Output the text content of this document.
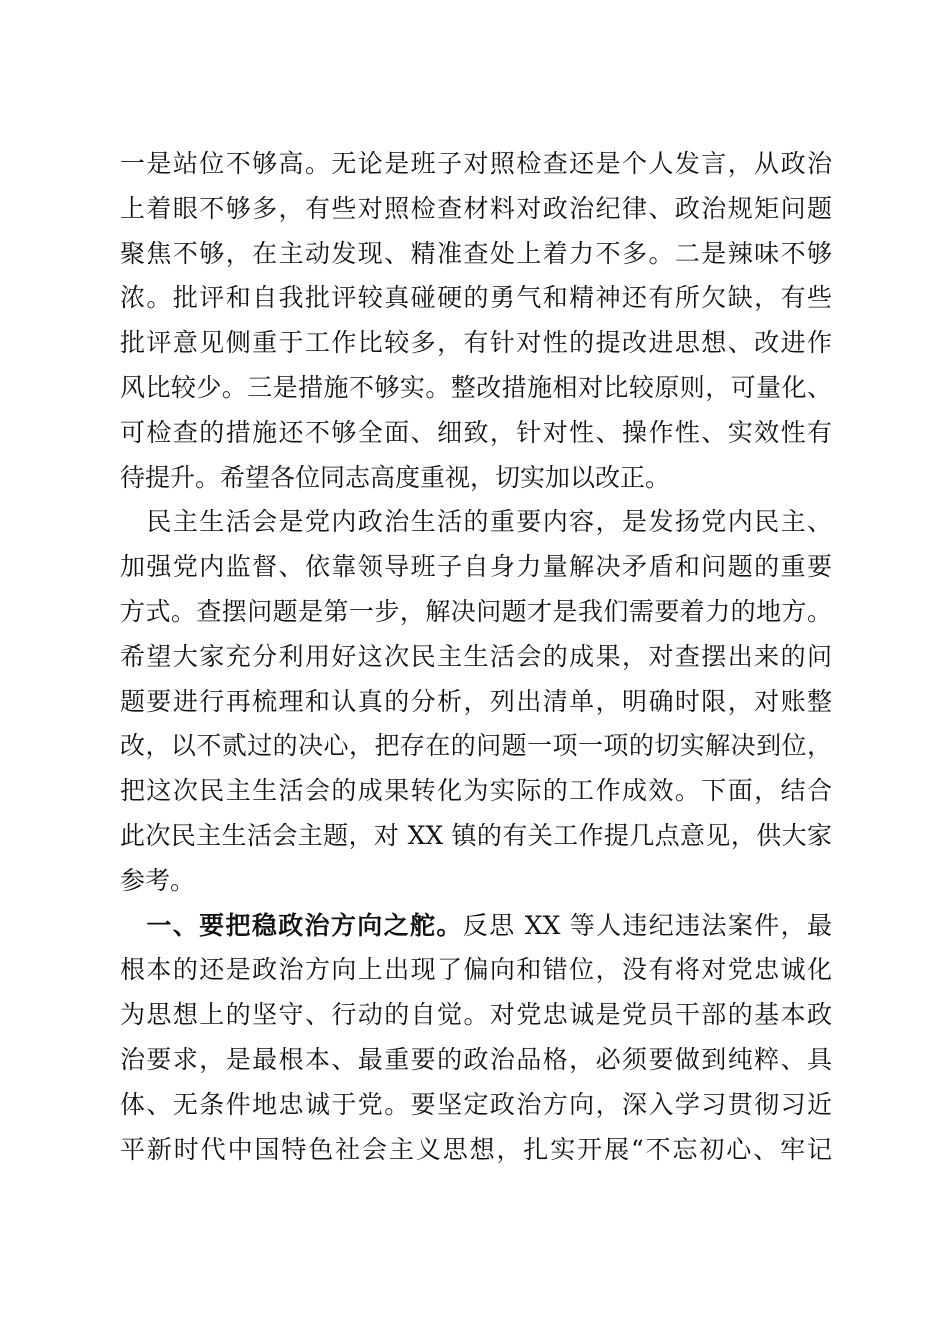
一是站位不够高。无论是班子对照检查还是个人发言，从政治
上着眼不够多，有些对照检查材料对政治纪律、政治规矩问题
聚焦不够，在主动发现、精准查处上着力不多。二是辣味不够
浓。批评和自我批评较真碰硬的勇气和精神还有所欠缺，有些
批评意见侧重于工作比较多，有针对性的提改进思想、改进作
风比较少。三是措施不够实。整改措施相对比较原则，可量化、
可检查的措施还不够全面、细致，针对性、操作性、实效性有
待提升。希望各位同志高度重视，切实加以改正。
　民主生活会是党内政治生活的重要内容，是发扬党内民主、
加强党内监督、依靠领导班子自身力量解决矛盾和问题的重要
方式。查摆问题是第一步，解决问题才是我们需要着力的地方。
希望大家充分利用好这次民主生活会的成果，对查摆出来的问
题要进行再梳理和认真的分析，列出清单，明确时限，对账整
改，以不贰过的决心，把存在的问题一项一项的切实解决到位，
把这次民主生活会的成果转化为实际的工作成效。下面，结合
此次民主生活会主题，对 XX 镇的有关工作提几点意见，供大家
参考。
　一、要把稳政治方向之舵。反思 XX 等人违纪违法案件，最
根本的还是政治方向上出现了偏向和错位，没有将对党忠诚化
为思想上的坚守、行动的自觉。对党忠诚是党员干部的基本政
治要求，是最根本、最重要的政治品格，必须要做到纯粹、具
体、无条件地忠诚于党。要坚定政治方向，深入学习贯彻习近
平新时代中国特色社会主义思想，扎实开展“不忘初心、牢记
